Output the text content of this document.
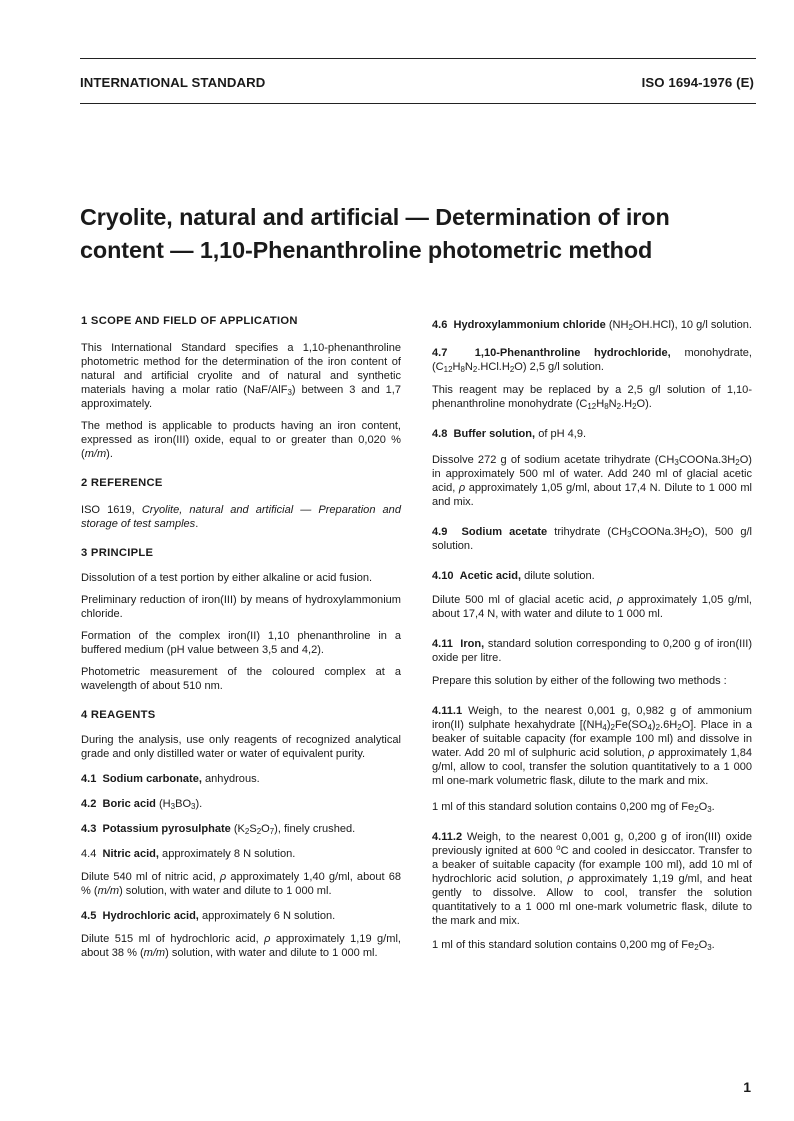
INTERNATIONAL STANDARD	ISO 1694-1976 (E)
Cryolite, natural and artificial — Determination of iron
content — 1,10-Phenanthroline photometric method
1 SCOPE AND FIELD OF APPLICATION

This International Standard specifies a 1,10-phenanthroline photometric method for the determination of the iron content of natural and artificial cryolite and of natural and synthetic materials having a molar ratio (NaF/AlF$_3$) between 3 and 1,7 approximately.

The method is applicable to products having an iron content, expressed as iron(III) oxide, equal to or greater than 0,020 % (m/m).

2 REFERENCE

ISO 1619, Cryolite, natural and artificial — Preparation and storage of test samples.

3 PRINCIPLE

Dissolution of a test portion by either alkaline or acid fusion.

Preliminary reduction of iron(III) by means of hydroxylammonium chloride.

Formation of the complex iron(II) 1,10 phenanthroline in a buffered medium (pH value between 3,5 and 4,2).

Photometric measurement of the coloured complex at a wavelength of about 510 nm.

4 REAGENTS

During the analysis, use only reagents of recognized analytical grade and only distilled water or water of equivalent purity.

4.1 Sodium carbonate, anhydrous.

4.2 Boric acid $(H_3BO_3)$.

4.3 Potassium pyrosulphate $(K_2S_2O_7)$, finely crushed.

4.4 Nitric acid, approximately 8 N solution.

Dilute 540 ml of nitric acid, ρ approximately 1,40 g/ml, about 68 % (m/m) solution, with water and dilute to 1 000 ml.

4.5 Hydrochloric acid, approximately 6 N solution.

Dilute 515 ml of hydrochloric acid, ρ approximately 1,19 g/ml, about 38 % (m/m) solution, with water and dilute to 1 000 ml.

4.6 Hydroxylammonium chloride $(NH_2OH.HCl)$, 10 g/l solution.

4.7 1,10-Phenanthroline hydrochloride, monohydrate, $(C_{12}H_8N_2.HCl.H_2O)$ 2,5 g/l solution.

This reagent may be replaced by a 2,5 g/l solution of 1,10-phenanthroline monohydrate $(C_{12}H_8N_2.H_2O)$.

4.8 Buffer solution, of pH 4,9.

Dissolve 272 g of sodium acetate trihydrate $(CH_3COONa.3H_2O)$ in approximately 500 ml of water. Add 240 ml of glacial acetic acid, ρ approximately 1,05 g/ml, about 17,4 N. Dilute to 1 000 ml and mix.

4.9 Sodium acetate trihydrate $(CH_3COONa.3H_2O)$, 500 g/l solution.

4.10 Acetic acid, dilute solution.

Dilute 500 ml of glacial acetic acid, ρ approximately 1,05 g/ml, about 17,4 N, with water and dilute to 1 000 ml.

4.11 Iron, standard solution corresponding to 0,200 g of iron(III) oxide per litre.

Prepare this solution by either of the following two methods :

4.11.1 Weigh, to the nearest 0,001 g, 0,982 g of ammonium iron(II) sulphate hexahydrate $[(NH_4)_2Fe(SO_4)_2.6H_2O]$. Place in a beaker of suitable capacity (for example 100 ml) and dissolve in water. Add 20 ml of sulphuric acid solution, ρ approximately 1,84 g/ml, allow to cool, transfer the solution quantitatively to a 1 000 ml one-mark volumetric flask, dilute to the mark and mix.

1 ml of this standard solution contains 0,200 mg of $Fe_2O_3$.

4.11.2 Weigh, to the nearest 0,001 g, 0,200 g of iron(III) oxide previously ignited at 600 $^o$C and cooled in desiccator. Transfer to a beaker of suitable capacity (for example 100 ml), add 10 ml of hydrochloric acid solution, ρ approximately 1,19 g/ml, and heat gently to dissolve. Allow to cool, transfer the solution quantitatively to a 1 000 ml one-mark volumetric flask, dilute to the mark and mix.

1 ml of this standard solution contains 0,200 mg of $Fe_2O_3$.

1
